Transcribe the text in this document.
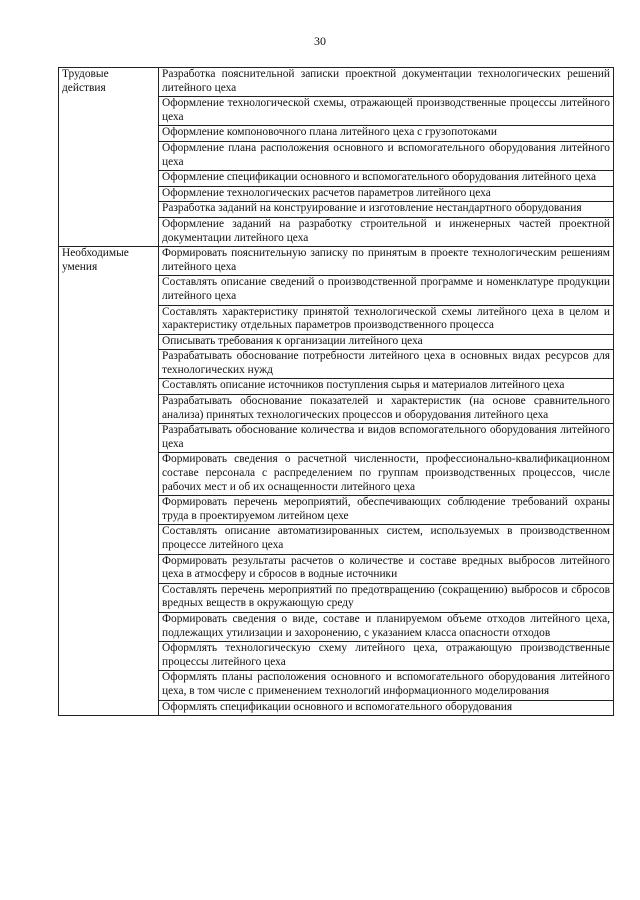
30
Трудовые действия	Разработка пояснительной записки проектной документации технологических решений литейного цеха
	Оформление технологической схемы, отражающей производственные процессы литейного цеха
	Оформление компоновочного плана литейного цеха с грузопотоками
	Оформление плана расположения основного и вспомогательного оборудования литейного цеха
	Оформление спецификации основного и вспомогательного оборудования литейного цеха
	Оформление технологических расчетов параметров литейного цеха
	Разработка заданий на конструирование и изготовление нестандартного оборудования
	Оформление заданий на разработку строительной и инженерных частей проектной документации литейного цеха
Необходимые умения	Формировать пояснительную записку по принятым в проекте технологическим решениям литейного цеха
	Составлять описание сведений о производственной программе и номенклатуре продукции литейного цеха
	Составлять характеристику принятой технологической схемы литейного цеха в целом и характеристику отдельных параметров производственного процесса
	Описывать требования к организации литейного цеха
	Разрабатывать обоснование потребности литейного цеха в основных видах ресурсов для технологических нужд
	Составлять описание источников поступления сырья и материалов литейного цеха
	Разрабатывать обоснование показателей и характеристик (на основе сравнительного анализа) принятых технологических процессов и оборудования литейного цеха
	Разрабатывать обоснование количества и видов вспомогательного оборудования литейного цеха
	Формировать сведения о расчетной численности, профессионально-квалификационном составе персонала с распределением по группам производственных процессов, числе рабочих мест и об их оснащенности литейного цеха
	Формировать перечень мероприятий, обеспечивающих соблюдение требований охраны труда в проектируемом литейном цехе
	Составлять описание автоматизированных систем, используемых в производственном процессе литейного цеха
	Формировать результаты расчетов о количестве и составе вредных выбросов литейного цеха в атмосферу и сбросов в водные источники
	Составлять перечень мероприятий по предотвращению (сокращению) выбросов и сбросов вредных веществ в окружающую среду
	Формировать сведения о виде, составе и планируемом объеме отходов литейного цеха, подлежащих утилизации и захоронению, с указанием класса опасности отходов
	Оформлять технологическую схему литейного цеха, отражающую производственные процессы литейного цеха
	Оформлять планы расположения основного и вспомогательного оборудования литейного цеха, в том числе с применением технологий информационного моделирования
	Оформлять спецификации основного и вспомогательного оборудования
